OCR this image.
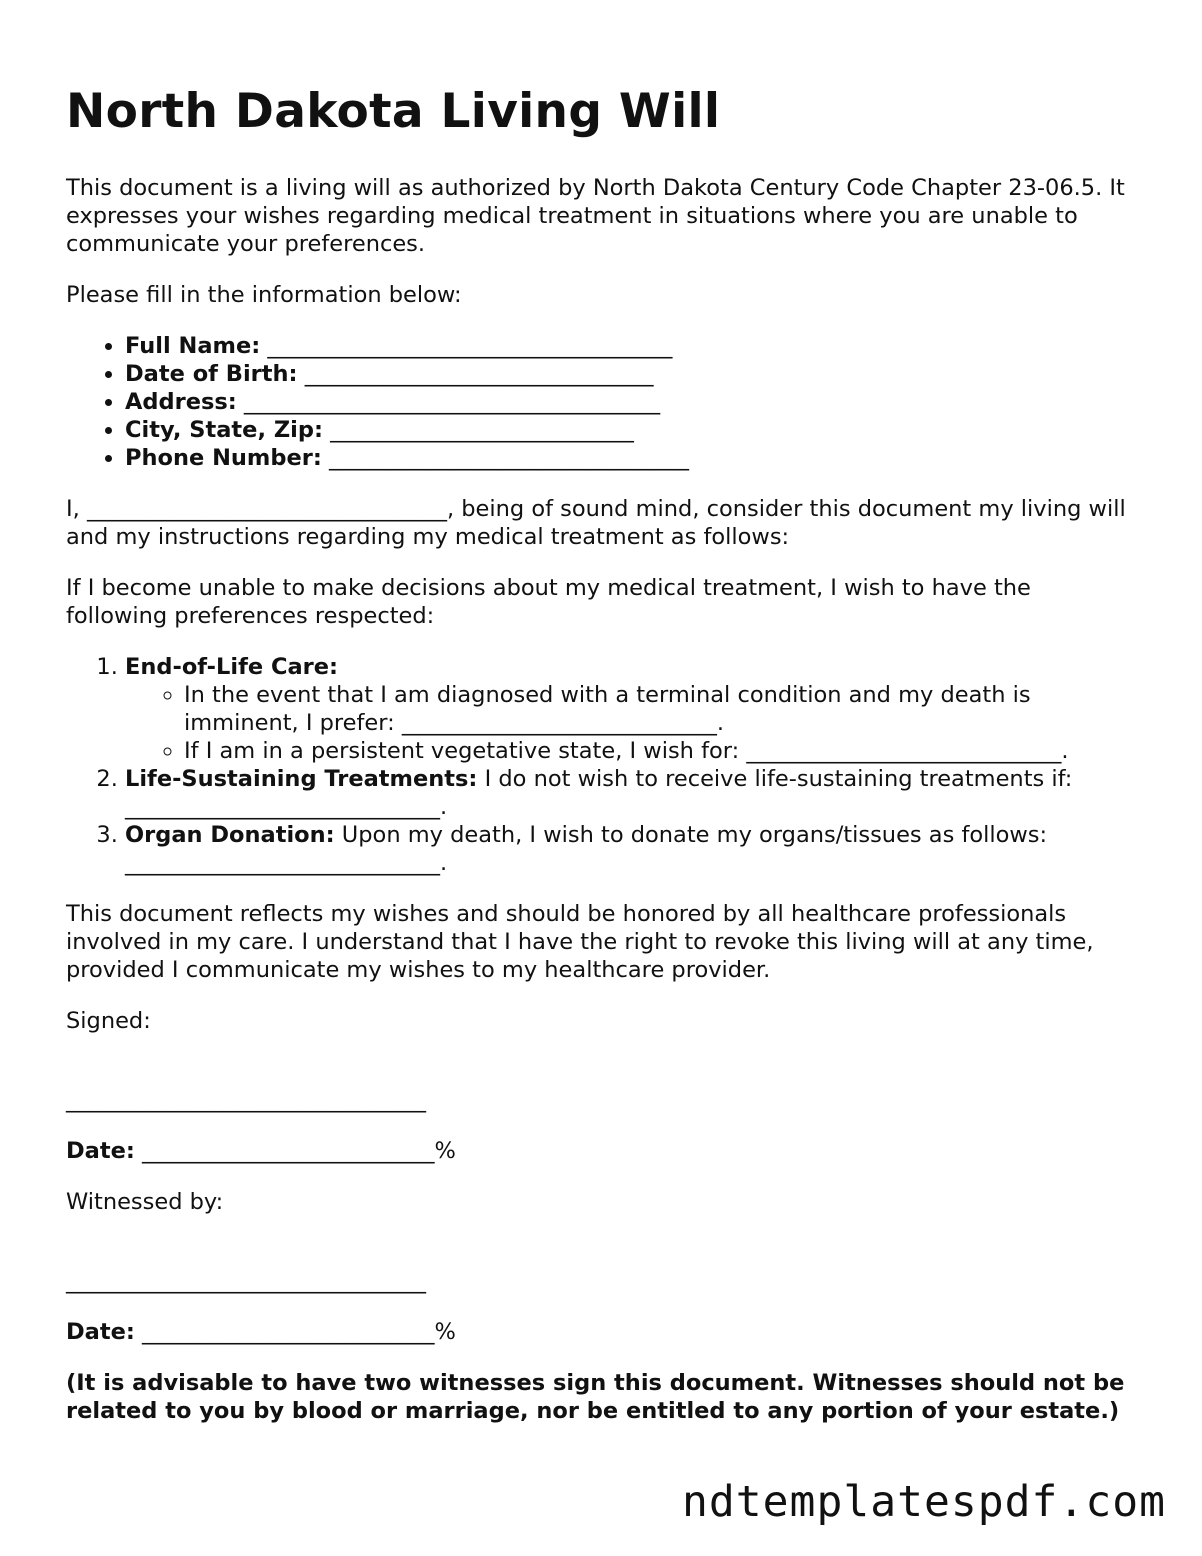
North Dakota Living Will

This document is a living will as authorized by North Dakota Century Code Chapter 23-06.5. It expresses your wishes regarding medical treatment in situations where you are unable to communicate your preferences.

Please fill in the information below:

• Full Name: ____________________________________
• Date of Birth: _______________________________
• Address: _____________________________________
• City, State, Zip: ___________________________
• Phone Number: ________________________________

I, ________________________________, being of sound mind, consider this document my living will and my instructions regarding my medical treatment as follows:

If I become unable to make decisions about my medical treatment, I wish to have the following preferences respected:

1. End-of-Life Care:
◦ In the event that I am diagnosed with a terminal condition and my death is imminent, I prefer: ____________________________.
◦ If I am in a persistent vegetative state, I wish for: ____________________________.
2. Life-Sustaining Treatments: I do not wish to receive life-sustaining treatments if: ____________________________.
3. Organ Donation: Upon my death, I wish to donate my organs/tissues as follows: ____________________________.

This document reflects my wishes and should be honored by all healthcare professionals involved in my care. I understand that I have the right to revoke this living will at any time, provided I communicate my wishes to my healthcare provider.

Signed:

________________________________

Date: __________________________%

Witnessed by:

________________________________

Date: __________________________%

(It is advisable to have two witnesses sign this document. Witnesses should not be related to you by blood or marriage, nor be entitled to any portion of your estate.)

ndtemplatespdf.com
